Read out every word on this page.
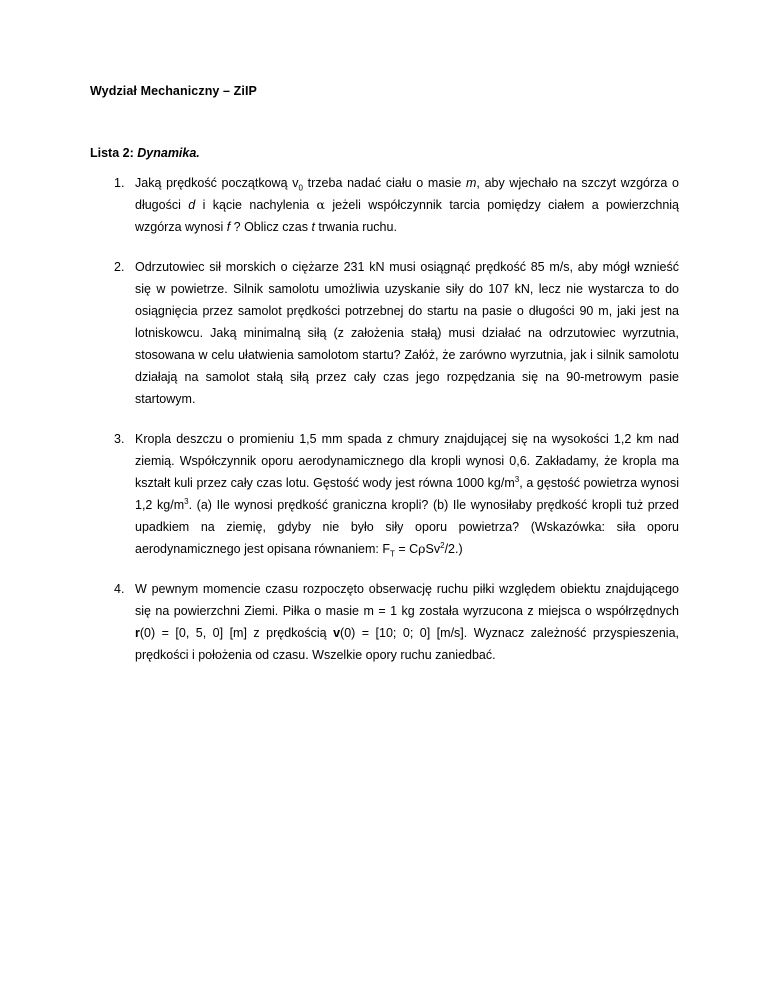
Wydział Mechaniczny – ZiIP
Lista 2: Dynamika.
1. Jaką prędkość początkową $v_0$ trzeba nadać ciału o masie m, aby wjechało na szczyt wzgórza o długości d i kącie nachylenia α jeżeli współczynnik tarcia pomiędzy ciałem a powierzchnią wzgórza wynosi f ? Oblicz czas t trwania ruchu.
2. Odrzutowiec sił morskich o ciężarze 231 kN musi osiągnąć prędkość 85 m/s, aby mógł wznieść się w powietrze. Silnik samolotu umożliwia uzyskanie siły do 107 kN, lecz nie wystarcza to do osiągnięcia przez samolot prędkości potrzebnej do startu na pasie o długości 90 m, jaki jest na lotniskowcu. Jaką minimalną siłą (z założenia stałą) musi działać na odrzutowiec wyrzutnia, stosowana w celu ułatwienia samolotom startu? Załóż, że zarówno wyrzutnia, jak i silnik samolotu działają na samolot stałą siłą przez cały czas jego rozpędzania się na 90-metrowym pasie startowym.
3. Kropla deszczu o promieniu 1,5 mm spada z chmury znajdującej się na wysokości 1,2 km nad ziemią. Współczynnik oporu aerodynamicznego dla kropli wynosi 0,6. Zakładamy, że kropla ma kształt kuli przez cały czas lotu. Gęstość wody jest równa 1000 $kg/m^3$, a gęstość powietrza wynosi 1,2 $kg/m^3$. (a) Ile wynosi prędkość graniczna kropli? (b) Ile wynosiłaby prędkość kropli tuż przed upadkiem na ziemię, gdyby nie było siły oporu powietrza? (Wskazówka: siła oporu aerodynamicznego jest opisana równaniem: $F_T = C\rho Sv^2/2$.)
4. W pewnym momencie czasu rozpoczęto obserwację ruchu piłki względem obiektu znajdującego się na powierzchni Ziemi. Piłka o masie m = 1 kg została wyrzucona z miejsca o współrzędnych r(0) = [0, 5, 0] [m] z prędkością v(0) = [10; 0; 0] [m/s]. Wyznacz zależność przyspieszenia, prędkości i położenia od czasu. Wszelkie opory ruchu zaniedbać.
